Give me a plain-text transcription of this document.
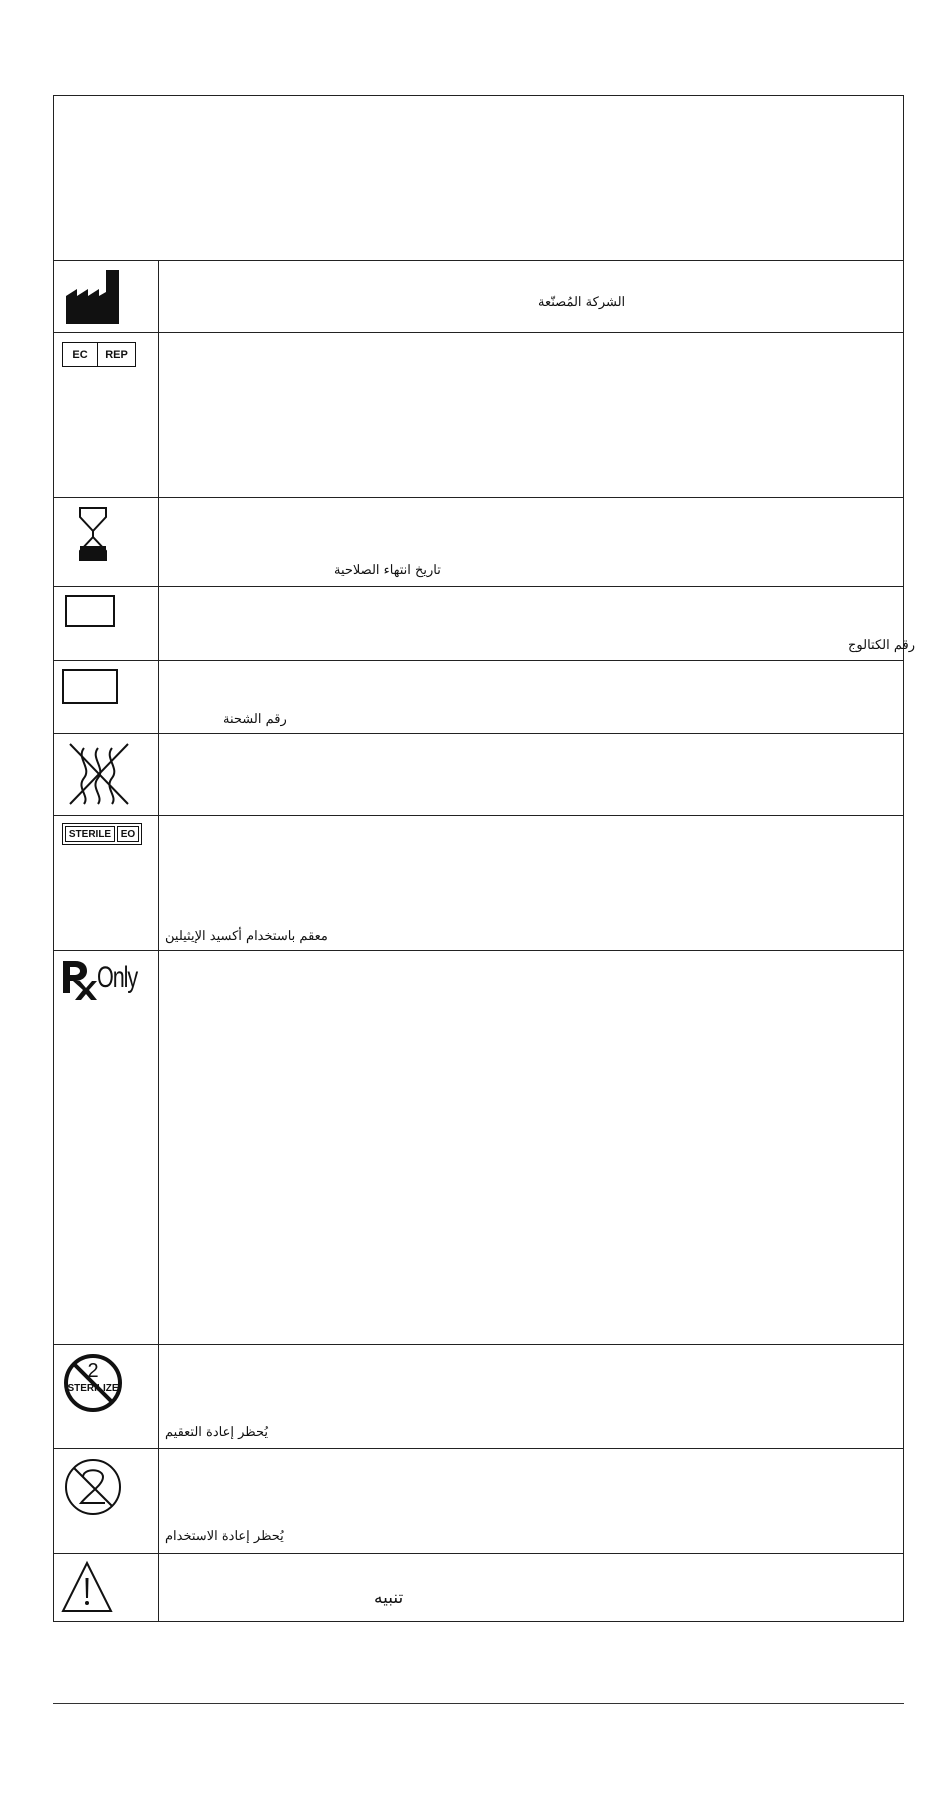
الشركة المُصنّعة
EC	REP
تاريخ انتهاء الصلاحية
رقم الكتالوج
رقم الشحنة
STERILE EO
معقم باستخدام أكسيد الإيثيلين
Only
2
STERILIZE
يُحظر إعادة التعقيم
يُحظر إعادة الاستخدام
تنبيه
